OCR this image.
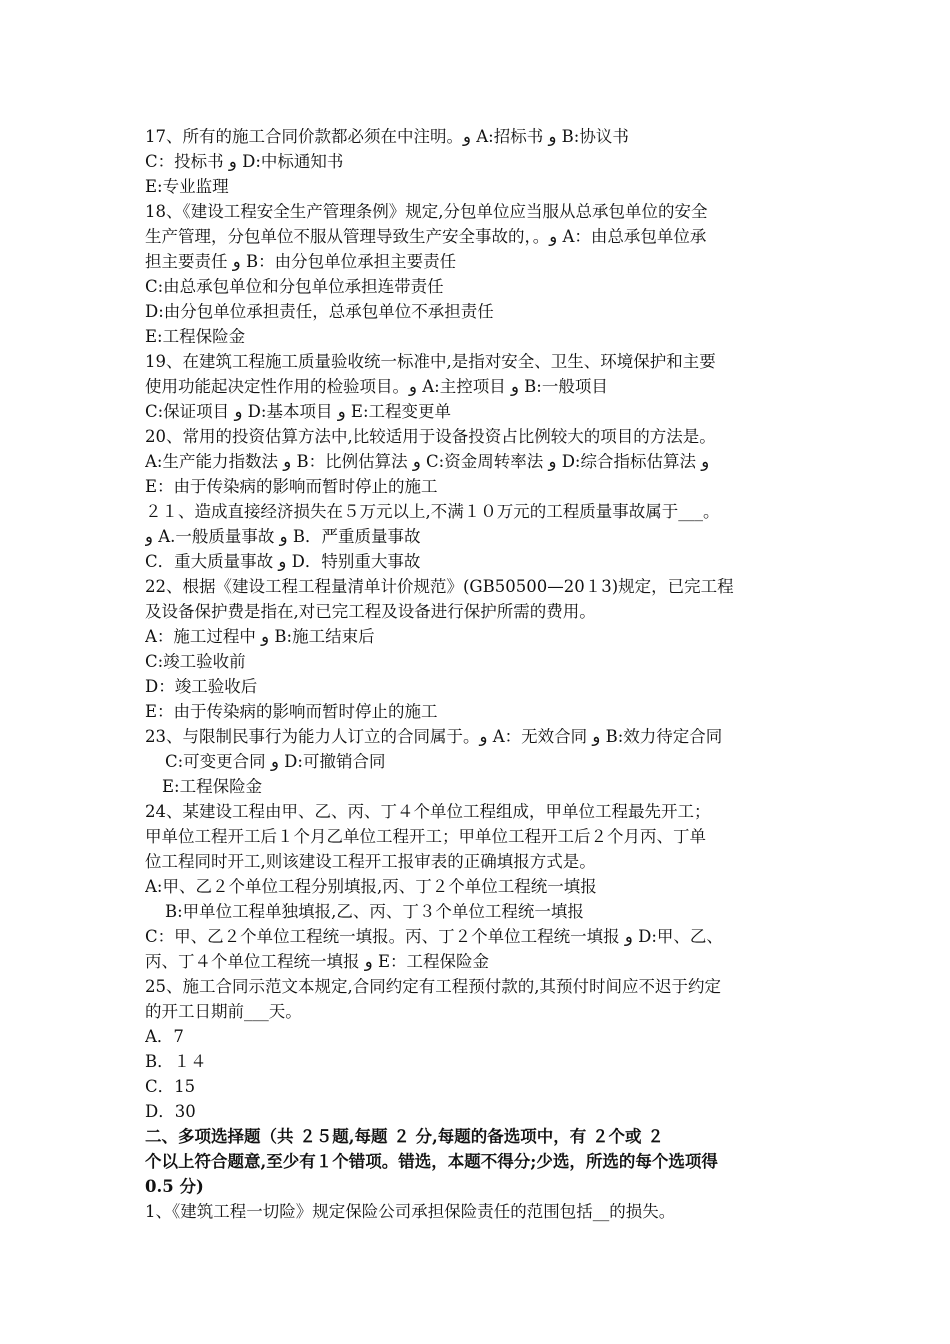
17、所有的施工合同价款都必须在中注明。و A:招标书 و B:协议书
C：投标书 و D:中标通知书
E:专业监理
18、《建设工程安全生产管理条例》规定,分包单位应当服从总承包单位的安全
生产管理，分包单位不服从管理导致生产安全事故的，。و A：由总承包单位承
担主要责任 و B：由分包单位承担主要责任
C:由总承包单位和分包单位承担连带责任
D:由分包单位承担责任，总承包单位不承担责任
E:工程保险金
19、在建筑工程施工质量验收统一标准中,是指对安全、卫生、环境保护和主要
使用功能起决定性作用的检验项目。و A:主控项目 و B:一般项目
C:保证项目 و D:基本项目 و E:工程变更单
20、常用的投资估算方法中,比较适用于设备投资占比例较大的项目的方法是。
A:生产能力指数法 و B：比例估算法 و C:资金周转率法 و D:综合指标估算法 و
E：由于传染病的影响而暂时停止的施工
２１、造成直接经济损失在５万元以上,不满１０万元的工程质量事故属于___。
و A.一般质量事故 و B．严重质量事故
C．重大质量事故 و D．特别重大事故
22、根据《建设工程工程量清单计价规范》(GB50500—20１3)规定，已完工程
及设备保护费是指在,对已完工程及设备进行保护所需的费用。
A：施工过程中 و B:施工结束后
C:竣工验收前
D：竣工验收后
E：由于传染病的影响而暂时停止的施工
23、与限制民事行为能力人订立的合同属于。و A：无效合同 و B:效力待定合同
C:可变更合同 و D:可撤销合同
E:工程保险金
24、某建设工程由甲、乙、丙、丁４个单位工程组成，甲单位工程最先开工；
甲单位工程开工后１个月乙单位工程开工；甲单位工程开工后２个月丙、丁单
位工程同时开工,则该建设工程开工报审表的正确填报方式是。
A:甲、乙２个单位工程分别填报,丙、丁２个单位工程统一填报
B:甲单位工程单独填报,乙、丙、丁３个单位工程统一填报
C：甲、乙２个单位工程统一填报。丙、丁２个单位工程统一填报 و D:甲、乙、
丙、丁４个单位工程统一填报 و E：工程保险金
25、施工合同示范文本规定,合同约定有工程预付款的,其预付时间应不迟于约定
的开工日期前___天。
A．7
B．１４
C．15
D．30
二、多项选择题（共 ２５题,每题 ２ 分,每题的备选项中，有 ２个或 ２
个以上符合题意,至少有１个错项。错选，本题不得分;少选，所选的每个选项得
0.5 分)
1、《建筑工程一切险》规定保险公司承担保险责任的范围包括__的损失。
